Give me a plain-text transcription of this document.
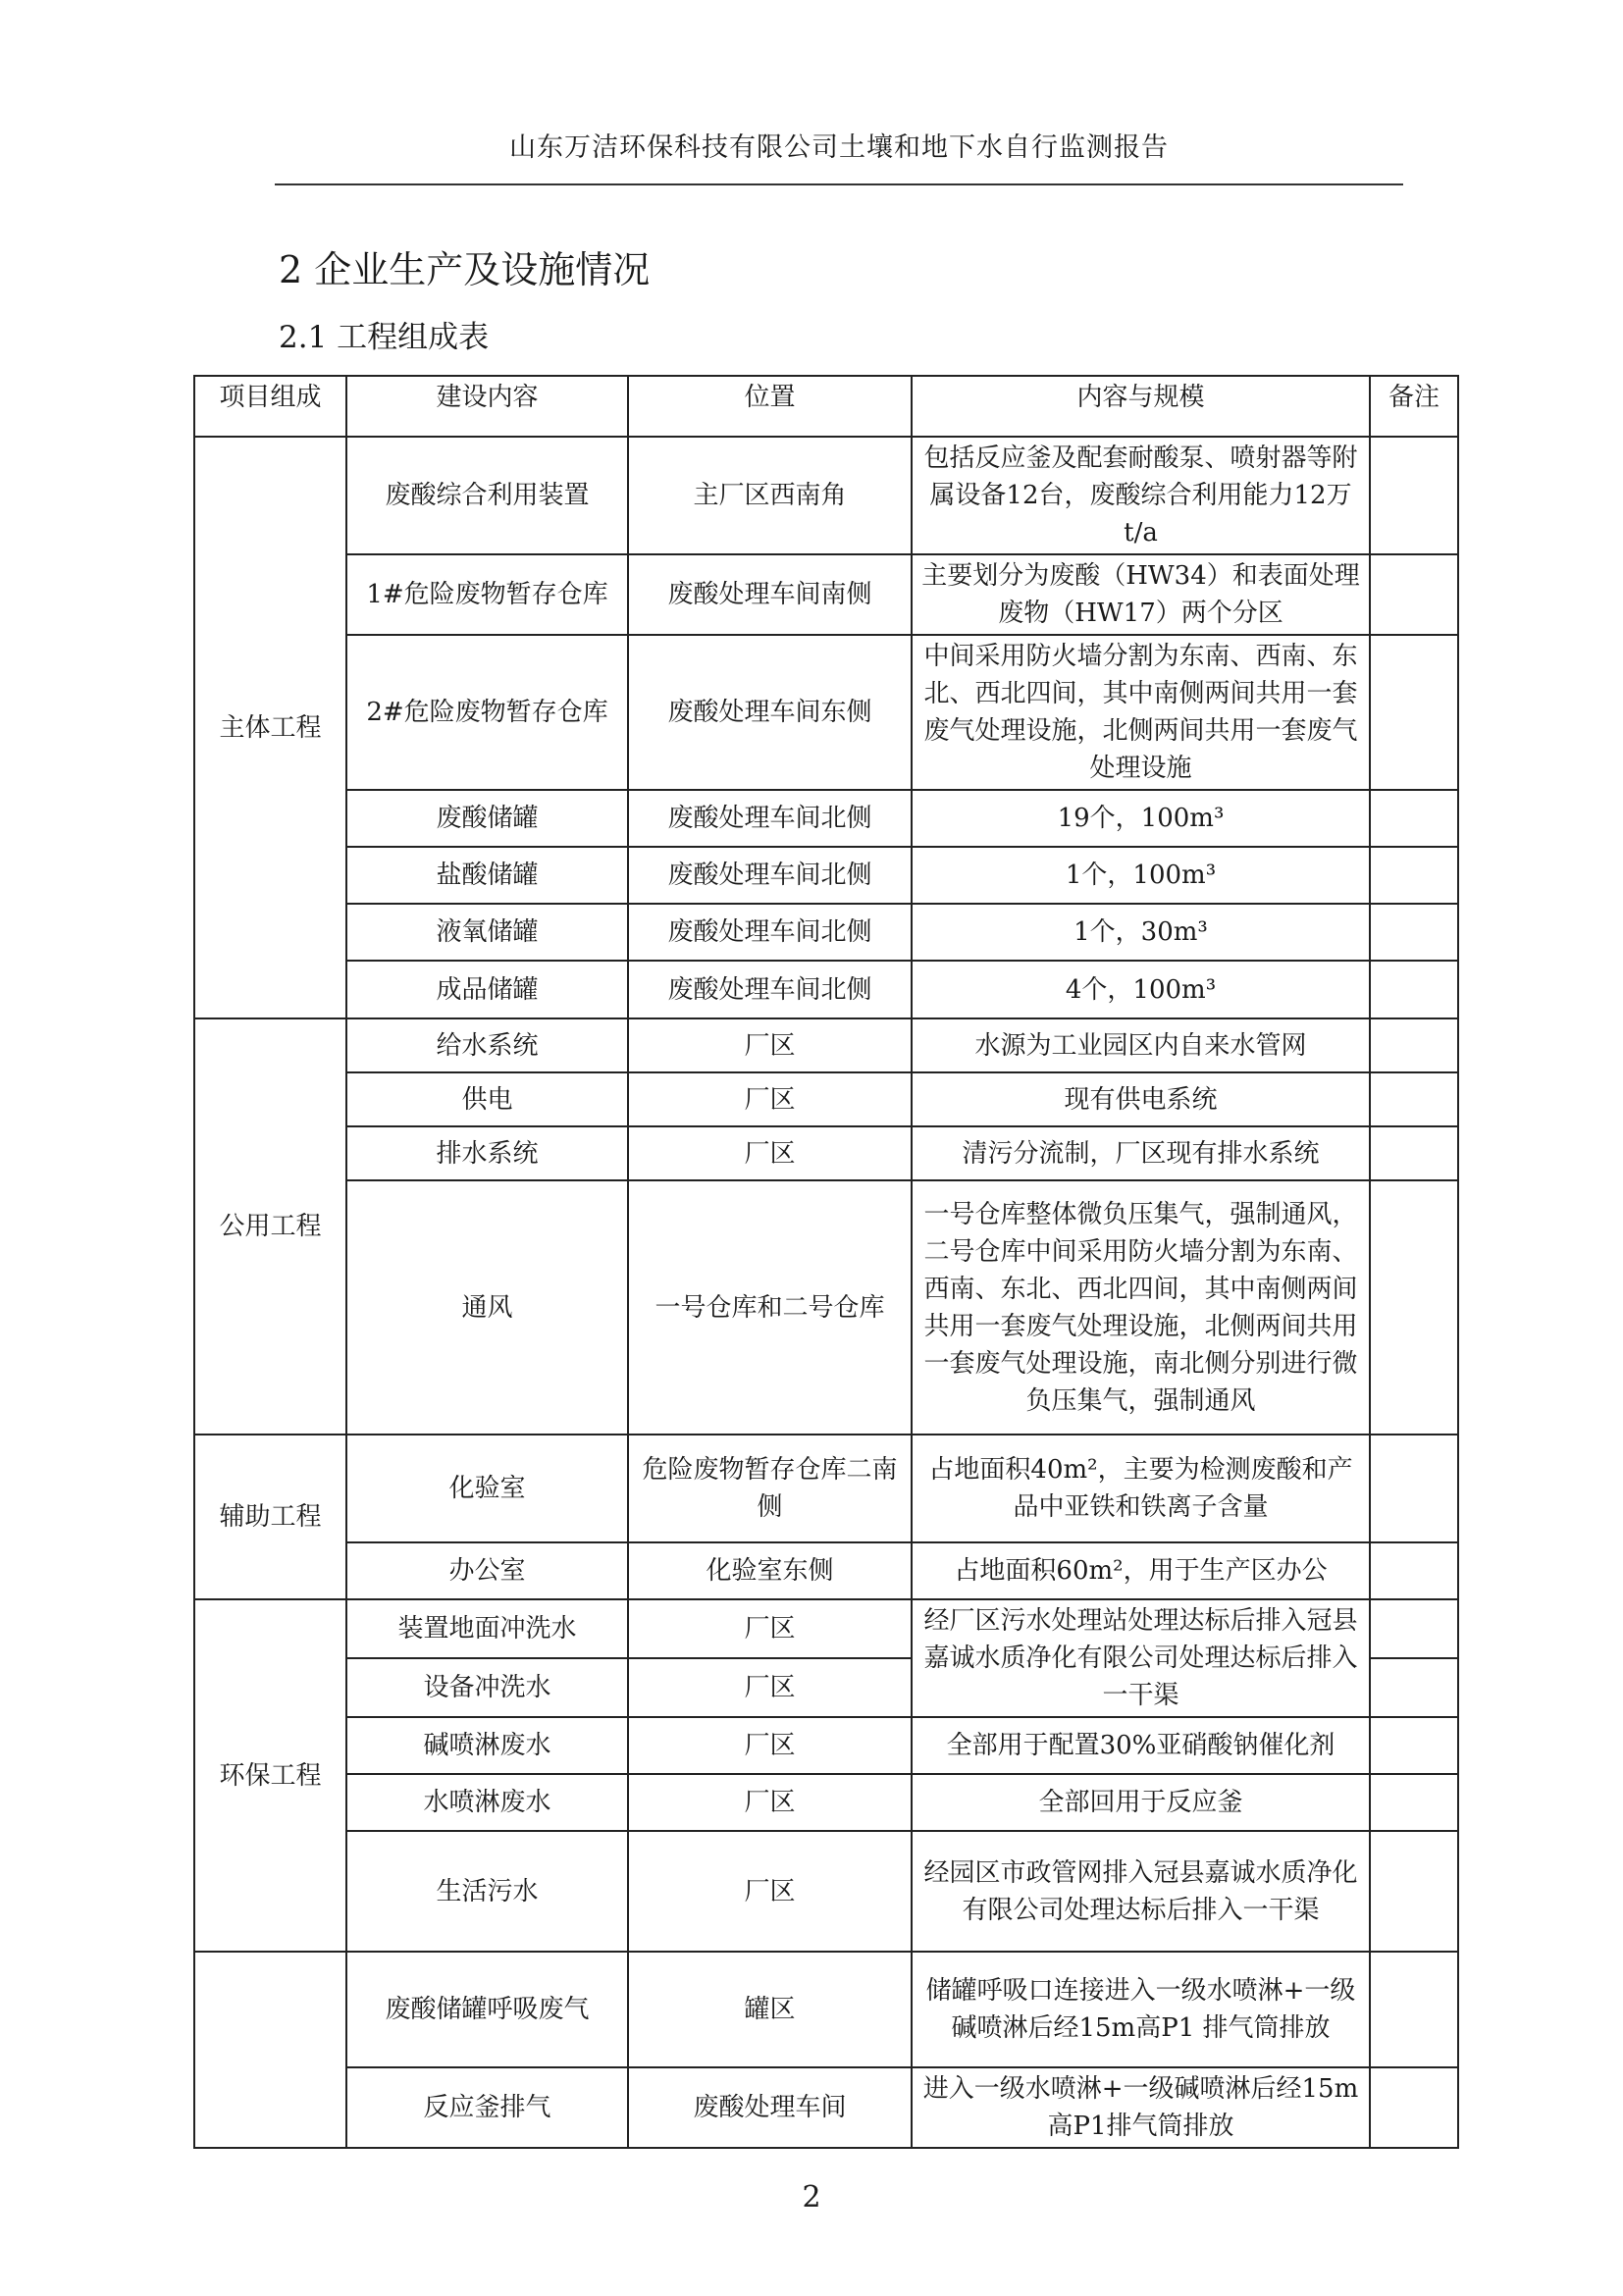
山东万洁环保科技有限公司土壤和地下水自行监测报告
2 企业生产及设施情况
2.1 工程组成表
项目组成	建设内容	位置	内容与规模	备注
主体工程	废酸综合利用装置	主厂区西南角	包括反应釜及配套耐酸泵、喷射器等附属设备12台，废酸综合利用能力12万t/a	
	1#危险废物暂存仓库	废酸处理车间南侧	主要划分为废酸（HW34）和表面处理废物（HW17）两个分区	
	2#危险废物暂存仓库	废酸处理车间东侧	中间采用防火墙分割为东南、西南、东北、西北四间，其中南侧两间共用一套废气处理设施，北侧两间共用一套废气处理设施	
	废酸储罐	废酸处理车间北侧	19个，100m³	
	盐酸储罐	废酸处理车间北侧	1个，100m³	
	液氧储罐	废酸处理车间北侧	1个，30m³	
	成品储罐	废酸处理车间北侧	4个，100m³	
公用工程	给水系统	厂区	水源为工业园区内自来水管网	
	供电	厂区	现有供电系统	
	排水系统	厂区	清污分流制，厂区现有排水系统	
	通风	一号仓库和二号仓库	一号仓库整体微负压集气，强制通风，二号仓库中间采用防火墙分割为东南、西南、东北、西北四间，其中南侧两间共用一套废气处理设施，北侧两间共用一套废气处理设施，南北侧分别进行微负压集气，强制通风	
辅助工程	化验室	危险废物暂存仓库二南侧	占地面积40m²，主要为检测废酸和产品中亚铁和铁离子含量	
	办公室	化验室东侧	占地面积60m²，用于生产区办公	
环保工程	装置地面冲洗水	厂区	经厂区污水处理站处理达标后排入冠县嘉诚水质净化有限公司处理达标后排入一干渠	
	设备冲洗水	厂区		
	碱喷淋废水	厂区	全部用于配置30%亚硝酸钠催化剂	
	水喷淋废水	厂区	全部回用于反应釜	
	生活污水	厂区	经园区市政管网排入冠县嘉诚水质净化有限公司处理达标后排入一干渠	
	废酸储罐呼吸废气	罐区	储罐呼吸口连接进入一级水喷淋+一级碱喷淋后经15m高P1 排气筒排放	
	反应釜排气	废酸处理车间	进入一级水喷淋+一级碱喷淋后经15m高P1排气筒排放	
2
